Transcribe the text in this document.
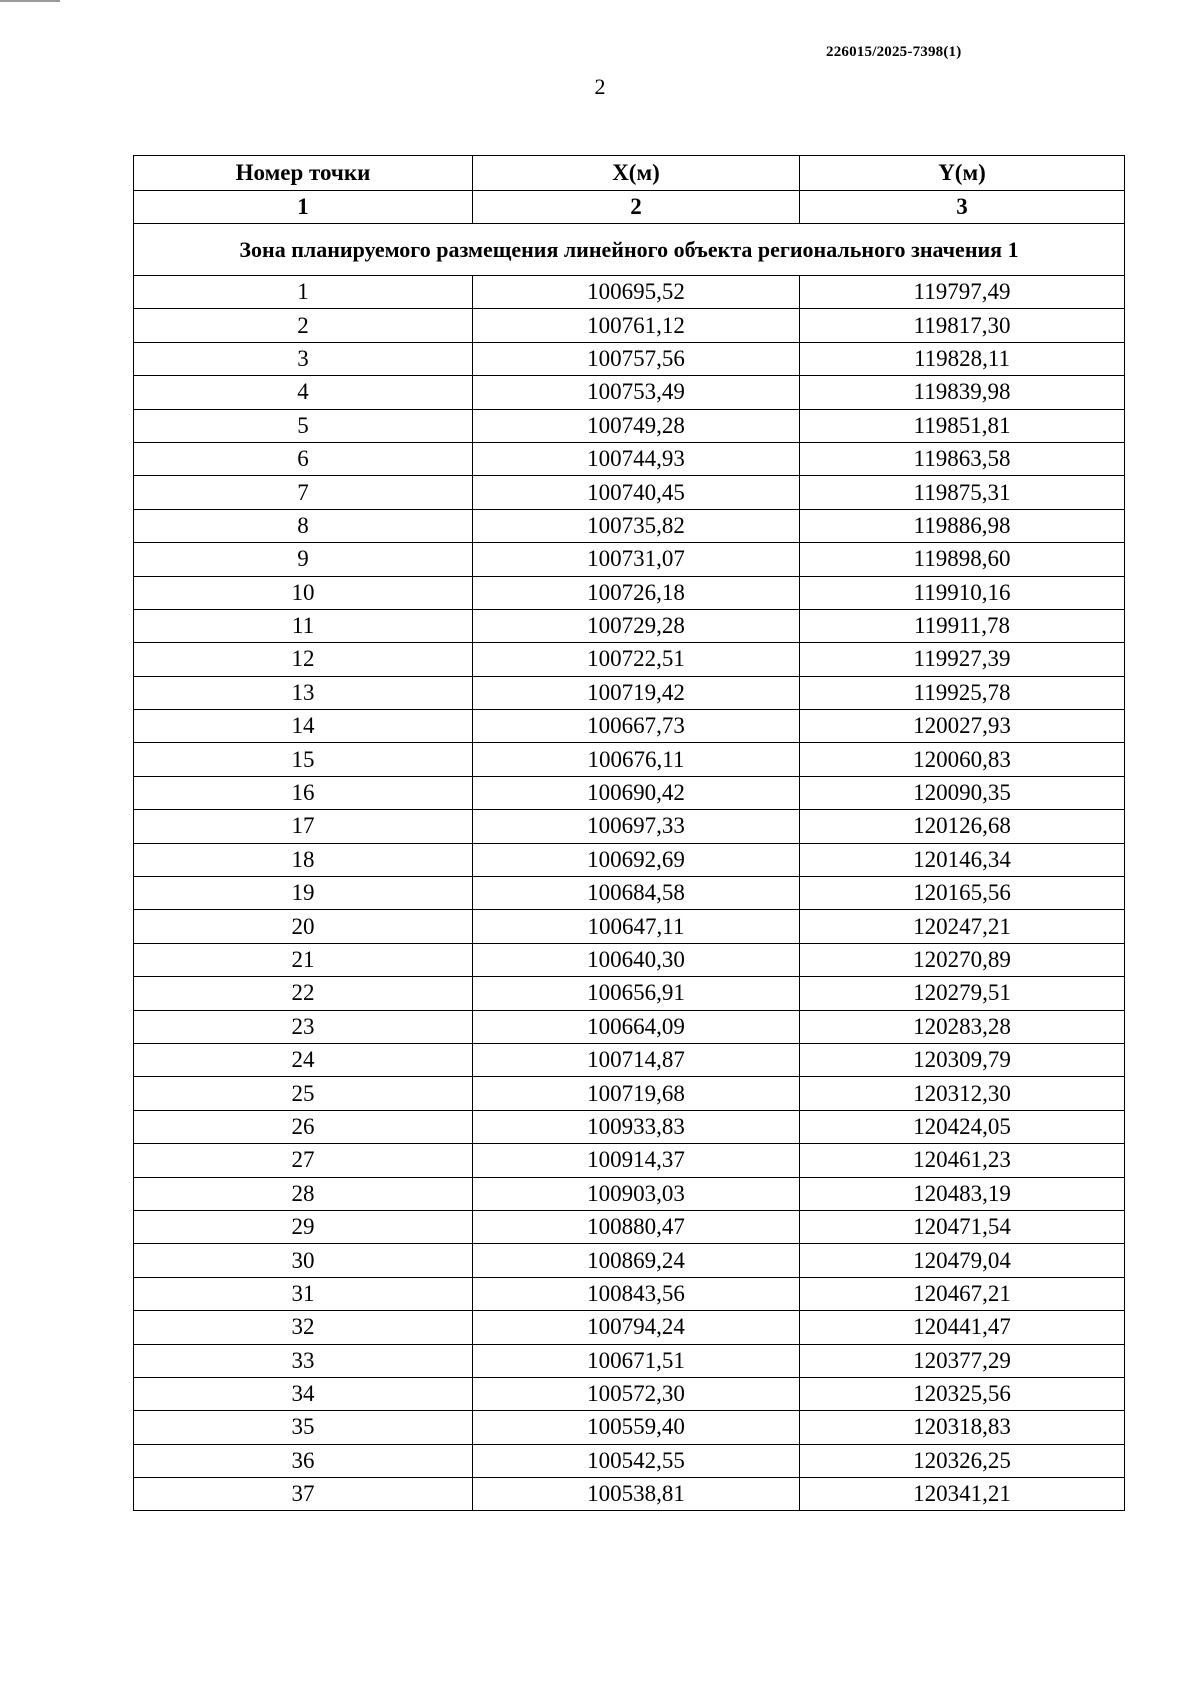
226015/2025-7398(1)
2
Номер точки	X(м)	Y(м)
1	2	3
Зона планируемого размещения линейного объекта регионального значения 1		
1	100695,52	119797,49
2	100761,12	119817,30
3	100757,56	119828,11
4	100753,49	119839,98
5	100749,28	119851,81
6	100744,93	119863,58
7	100740,45	119875,31
8	100735,82	119886,98
9	100731,07	119898,60
10	100726,18	119910,16
11	100729,28	119911,78
12	100722,51	119927,39
13	100719,42	119925,78
14	100667,73	120027,93
15	100676,11	120060,83
16	100690,42	120090,35
17	100697,33	120126,68
18	100692,69	120146,34
19	100684,58	120165,56
20	100647,11	120247,21
21	100640,30	120270,89
22	100656,91	120279,51
23	100664,09	120283,28
24	100714,87	120309,79
25	100719,68	120312,30
26	100933,83	120424,05
27	100914,37	120461,23
28	100903,03	120483,19
29	100880,47	120471,54
30	100869,24	120479,04
31	100843,56	120467,21
32	100794,24	120441,47
33	100671,51	120377,29
34	100572,30	120325,56
35	100559,40	120318,83
36	100542,55	120326,25
37	100538,81	120341,21
